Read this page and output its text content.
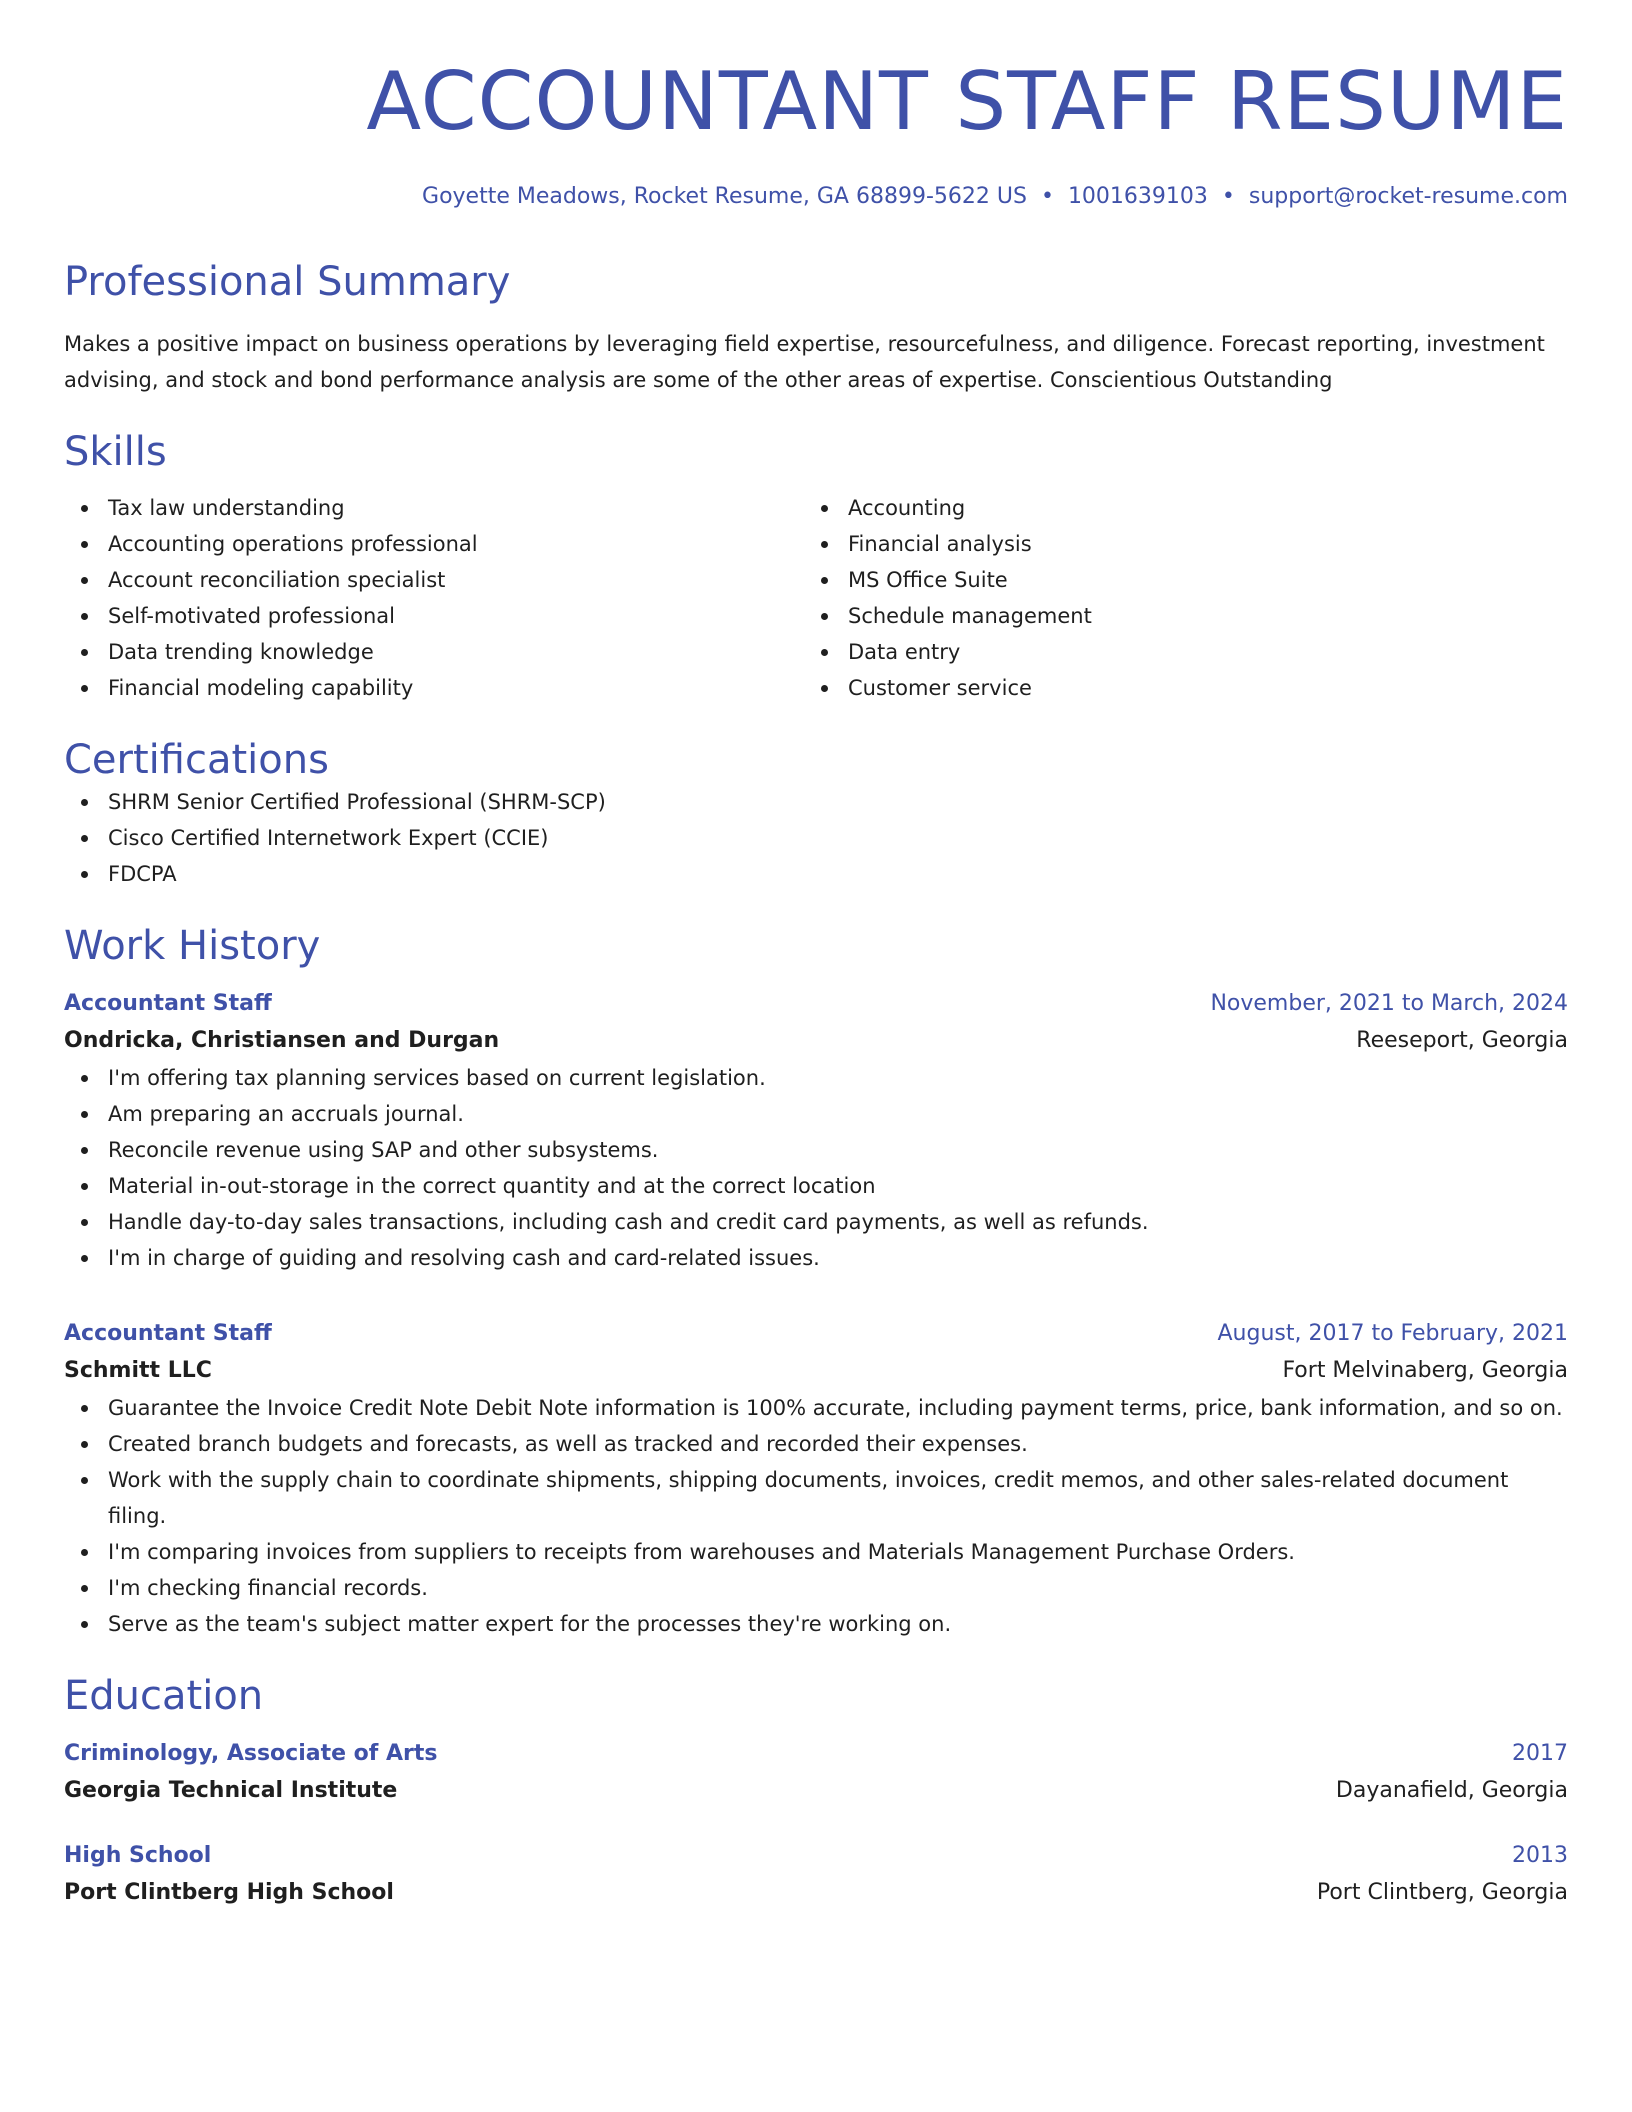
ACCOUNTANT STAFF RESUME
Goyette Meadows, Rocket Resume, GA 68899-5622 US • 1001639103 • support@rocket-resume.com
Professional Summary

Makes a positive impact on business operations by leveraging field expertise, resourcefulness, and diligence. Forecast reporting, investment advising, and stock and bond performance analysis are some of the other areas of expertise. Conscientious Outstanding

Skills
Tax law understanding
Accounting operations professional
Account reconciliation specialist
Self-motivated professional
Data trending knowledge
Financial modeling capability
Accounting
Financial analysis
MS Office Suite
Schedule management
Data entry
Customer service
Certifications
SHRM Senior Certified Professional (SHRM-SCP)
Cisco Certified Internetwork Expert (CCIE)
FDCPA
Work History
Accountant Staff	November, 2021 to March, 2024
Ondricka, Christiansen and Durgan	Reeseport, Georgia
I'm offering tax planning services based on current legislation.
Am preparing an accruals journal.
Reconcile revenue using SAP and other subsystems.
Material in-out-storage in the correct quantity and at the correct location
Handle day-to-day sales transactions, including cash and credit card payments, as well as refunds.
I'm in charge of guiding and resolving cash and card-related issues.
Accountant Staff	August, 2017 to February, 2021
Schmitt LLC	Fort Melvinaberg, Georgia
Guarantee the Invoice Credit Note Debit Note information is 100% accurate, including payment terms, price, bank information, and so on.
Created branch budgets and forecasts, as well as tracked and recorded their expenses.
Work with the supply chain to coordinate shipments, shipping documents, invoices, credit memos, and other sales-related document filing.
I'm comparing invoices from suppliers to receipts from warehouses and Materials Management Purchase Orders.
I'm checking financial records.
Serve as the team's subject matter expert for the processes they're working on.
Education
Criminology, Associate of Arts	2017
Georgia Technical Institute	Dayanafield, Georgia
High School	2013
Port Clintberg High School	Port Clintberg, Georgia
